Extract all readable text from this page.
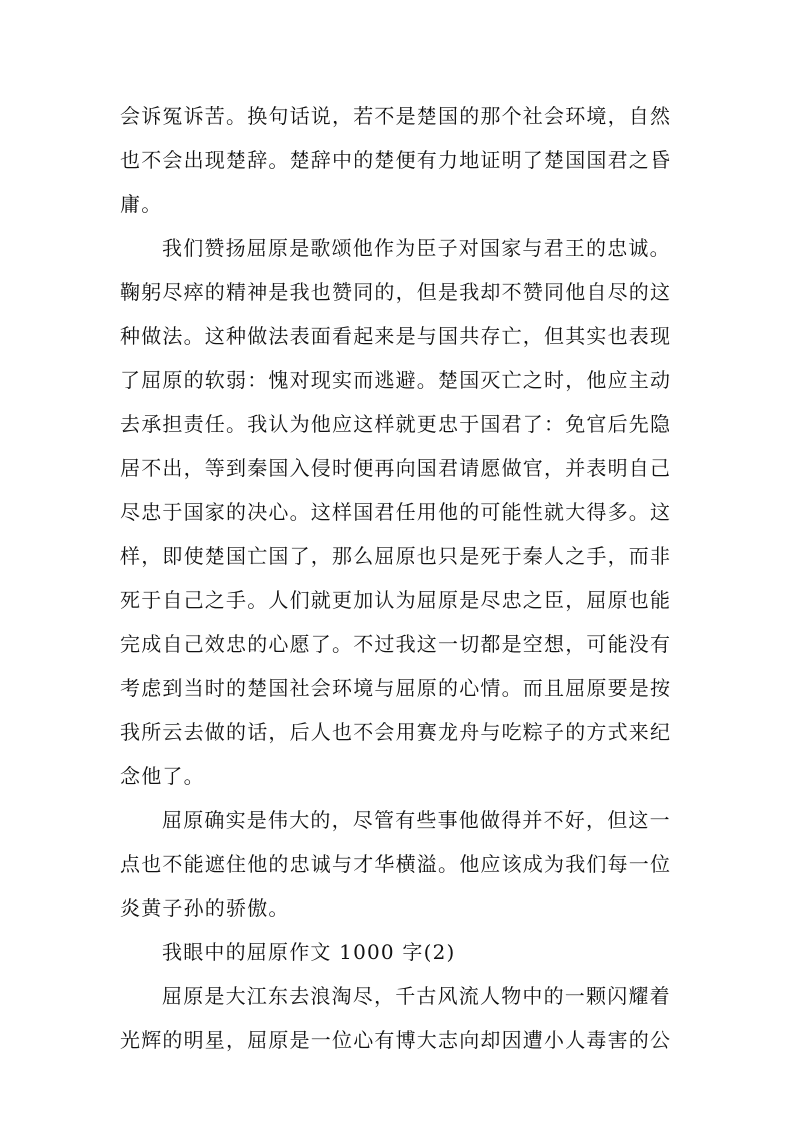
会诉冤诉苦。换句话说，若不是楚国的那个社会环境，自然
也不会出现楚辞。楚辞中的楚便有力地证明了楚国国君之昏
庸。
我们赞扬屈原是歌颂他作为臣子对国家与君王的忠诚。
鞠躬尽瘁的精神是我也赞同的，但是我却不赞同他自尽的这
种做法。这种做法表面看起来是与国共存亡，但其实也表现
了屈原的软弱：愧对现实而逃避。楚国灭亡之时，他应主动
去承担责任。我认为他应这样就更忠于国君了：免官后先隐
居不出，等到秦国入侵时便再向国君请愿做官，并表明自己
尽忠于国家的决心。这样国君任用他的可能性就大得多。这
样，即使楚国亡国了，那么屈原也只是死于秦人之手，而非
死于自己之手。人们就更加认为屈原是尽忠之臣，屈原也能
完成自己效忠的心愿了。不过我这一切都是空想，可能没有
考虑到当时的楚国社会环境与屈原的心情。而且屈原要是按
我所云去做的话，后人也不会用赛龙舟与吃粽子的方式来纪
念他了。
屈原确实是伟大的，尽管有些事他做得并不好，但这一
点也不能遮住他的忠诚与才华横溢。他应该成为我们每一位
炎黄子孙的骄傲。
我眼中的屈原作文 1000 字(2)
屈原是大江东去浪淘尽，千古风流人物中的一颗闪耀着
光辉的明星，屈原是一位心有博大志向却因遭小人毒害的公
